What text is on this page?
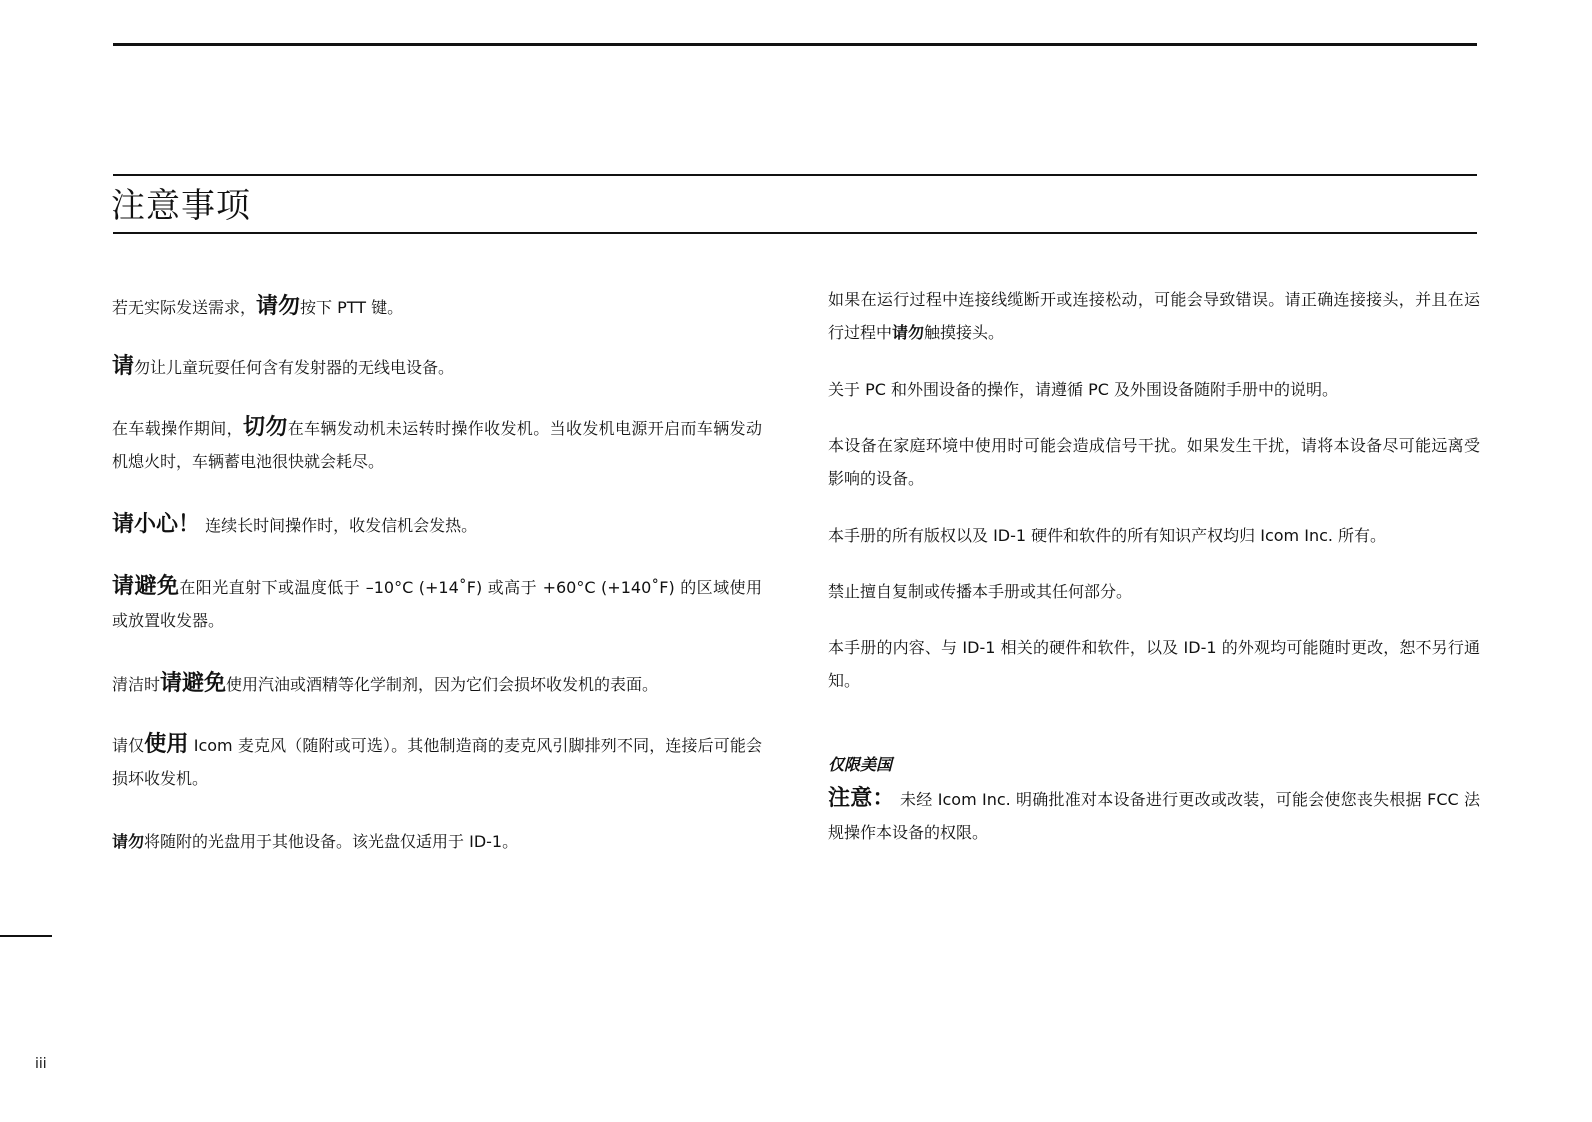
注意事项

若无实际发送需求，请勿按下 PTT 键。

请勿让儿童玩耍任何含有发射器的无线电设备。

在车载操作期间，切勿在车辆发动机未运转时操作收发机。当收发机电源开启而车辆发动机熄火时，车辆蓄电池很快就会耗尽。

请小心！ 连续长时间操作时，收发信机会发热。

请避免在阳光直射下或温度低于 –10°C (+14˚F) 或高于 +60°C (+140˚F) 的区域使用或放置收发器。

清洁时请避免使用汽油或酒精等化学制剂，因为它们会损坏收发机的表面。

请仅使用 Icom 麦克风（随附或可选）。其他制造商的麦克风引脚排列不同，连接后可能会损坏收发机。

请勿将随附的光盘用于其他设备。该光盘仅适用于 ID-1。

如果在运行过程中连接线缆断开或连接松动，可能会导致错误。请正确连接接头，并且在运行过程中请勿触摸接头。

关于 PC 和外围设备的操作，请遵循 PC 及外围设备随附手册中的说明。

本设备在家庭环境中使用时可能会造成信号干扰。如果发生干扰，请将本设备尽可能远离受影响的设备。

本手册的所有版权以及 ID-1 硬件和软件的所有知识产权均归 Icom Inc. 所有。

禁止擅自复制或传播本手册或其任何部分。

本手册的内容、与 ID-1 相关的硬件和软件，以及 ID-1 的外观均可能随时更改，恕不另行通知。

仅限美国

注意： 未经 Icom Inc. 明确批准对本设备进行更改或改装，可能会使您丧失根据 FCC 法规操作本设备的权限。

iii
